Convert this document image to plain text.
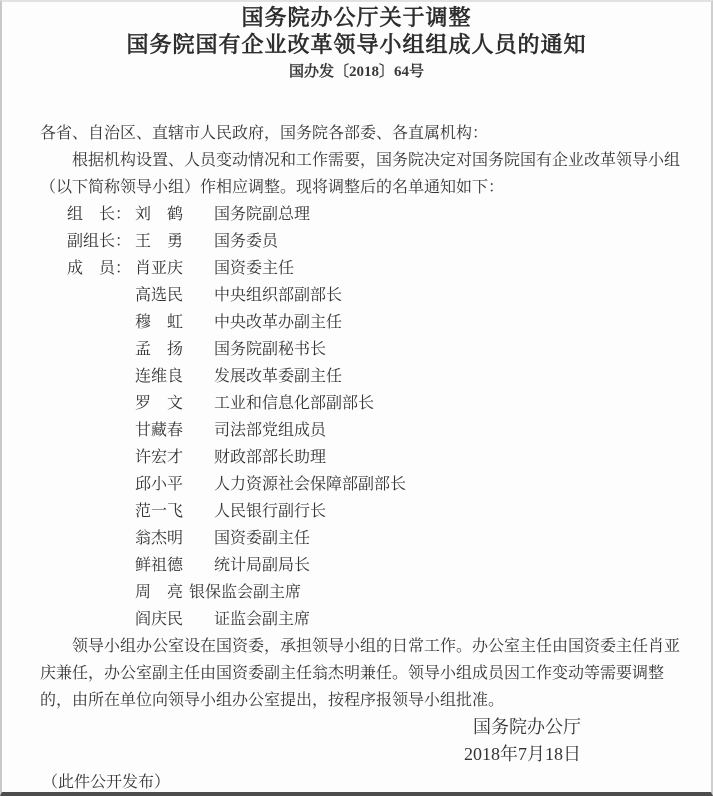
国务院办公厅关于调整
国务院国有企业改革领导小组组成人员的通知
国办发〔2018〕64号

各省、自治区、直辖市人民政府，国务院各部委、各直属机构：

根据机构设置、人员变动情况和工作需要，国务院决定对国务院国有企业改革领导小组
（以下简称领导小组）作相应调整。现将调整后的名单通知如下：
组　长： 刘　鹤	国务院副总理
副组长： 王　勇	国务委员
成　员： 肖亚庆	国资委主任
高选民	中央组织部副部长
穆　虹	中央改革办副主任
孟　扬	国务院副秘书长
连维良	发展改革委副主任
罗　文	工业和信息化部副部长
甘藏春	司法部党组成员
许宏才	财政部部长助理
邱小平	人力资源社会保障部副部长
范一飞	人民银行副行长
翁杰明	国资委副主任
鲜祖德	统计局副局长
周　亮 银保监会副主席
阎庆民	证监会副主席
领导小组办公室设在国资委，承担领导小组的日常工作。办公室主任由国资委主任肖亚
庆兼任，办公室副主任由国资委副主任翁杰明兼任。领导小组成员因工作变动等需要调整
的，由所在单位向领导小组办公室提出，按程序报领导小组批准。
国务院办公厅
2018年7月18日

（此件公开发布）
